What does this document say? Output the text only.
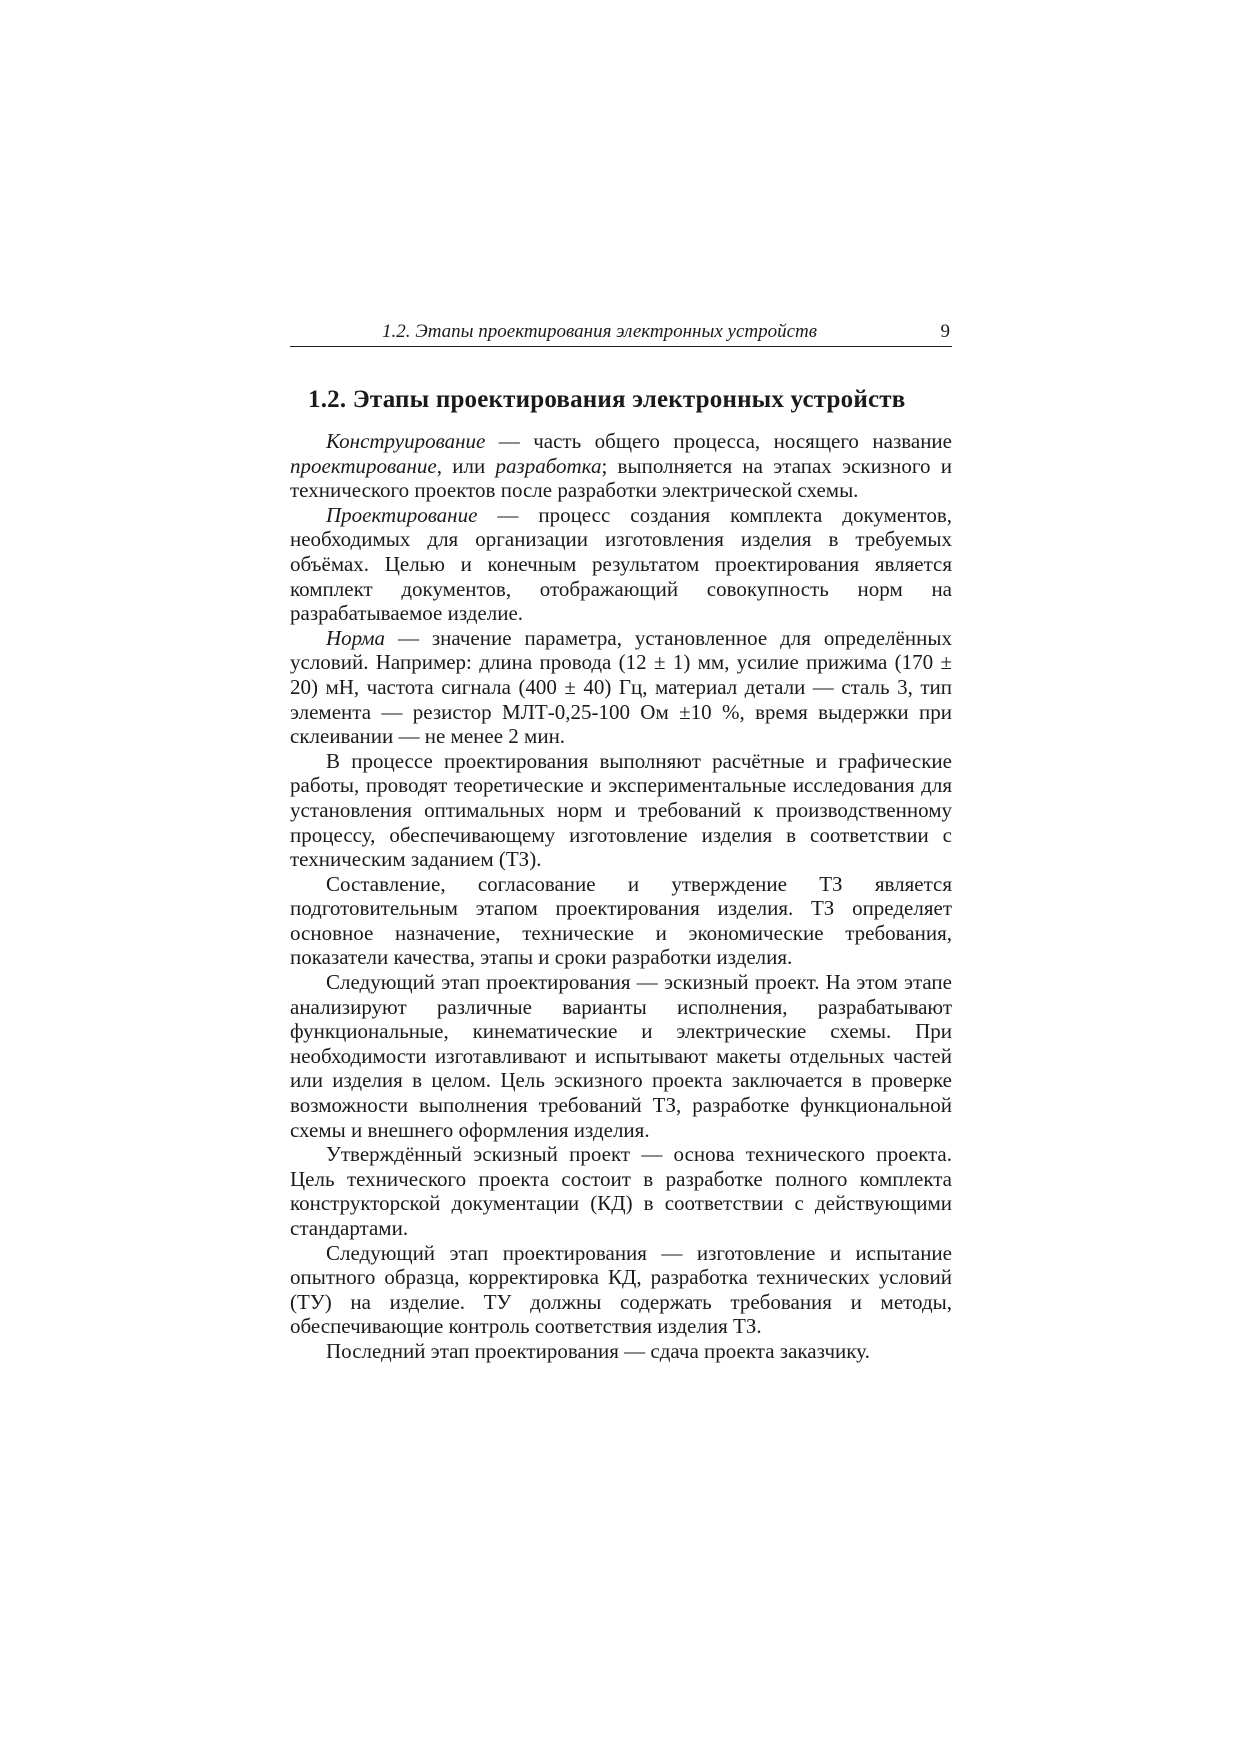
1.2. Этапы проектирования электронных устройств	9
1.2. Этапы проектирования электронных устройств

Конструирование — часть общего процесса, носящего название проектирование, или разработка; выполняется на этапах эскизного и технического проектов после разработки электрической схемы.

Проектирование — процесс создания комплекта документов, необходимых для организации изготовления изделия в требуемых объёмах. Целью и конечным результатом проектирования является комплект документов, отображающий совокупность норм на разрабатываемое изделие.

Норма — значение параметра, установленное для определённых условий. Например: длина провода (12 ± 1) мм, усилие прижима (170 ± 20) мН, частота сигнала (400 ± 40) Гц, материал детали — сталь 3, тип элемента — резистор МЛТ-0,25-100 Ом ±10 %, время выдержки при склеивании — не менее 2 мин.

В процессе проектирования выполняют расчётные и графические работы, проводят теоретические и экспериментальные исследования для установления оптимальных норм и требований к производственному процессу, обеспечивающему изготовление изделия в соответствии с техническим заданием (ТЗ).

Составление, согласование и утверждение ТЗ является подготовительным этапом проектирования изделия. ТЗ определяет основное назначение, технические и экономические требования, показатели качества, этапы и сроки разработки изделия.

Следующий этап проектирования — эскизный проект. На этом этапе анализируют различные варианты исполнения, разрабатывают функциональные, кинематические и электрические схемы. При необходимости изготавливают и испытывают макеты отдельных частей или изделия в целом. Цель эскизного проекта заключается в проверке возможности выполнения требований ТЗ, разработке функциональной схемы и внешнего оформления изделия.

Утверждённый эскизный проект — основа технического проекта. Цель технического проекта состоит в разработке полного комплекта конструкторской документации (КД) в соответствии с действующими стандартами.

Следующий этап проектирования — изготовление и испытание опытного образца, корректировка КД, разработка технических условий (ТУ) на изделие. ТУ должны содержать требования и методы, обеспечивающие контроль соответствия изделия ТЗ.

Последний этап проектирования — сдача проекта заказчику.
